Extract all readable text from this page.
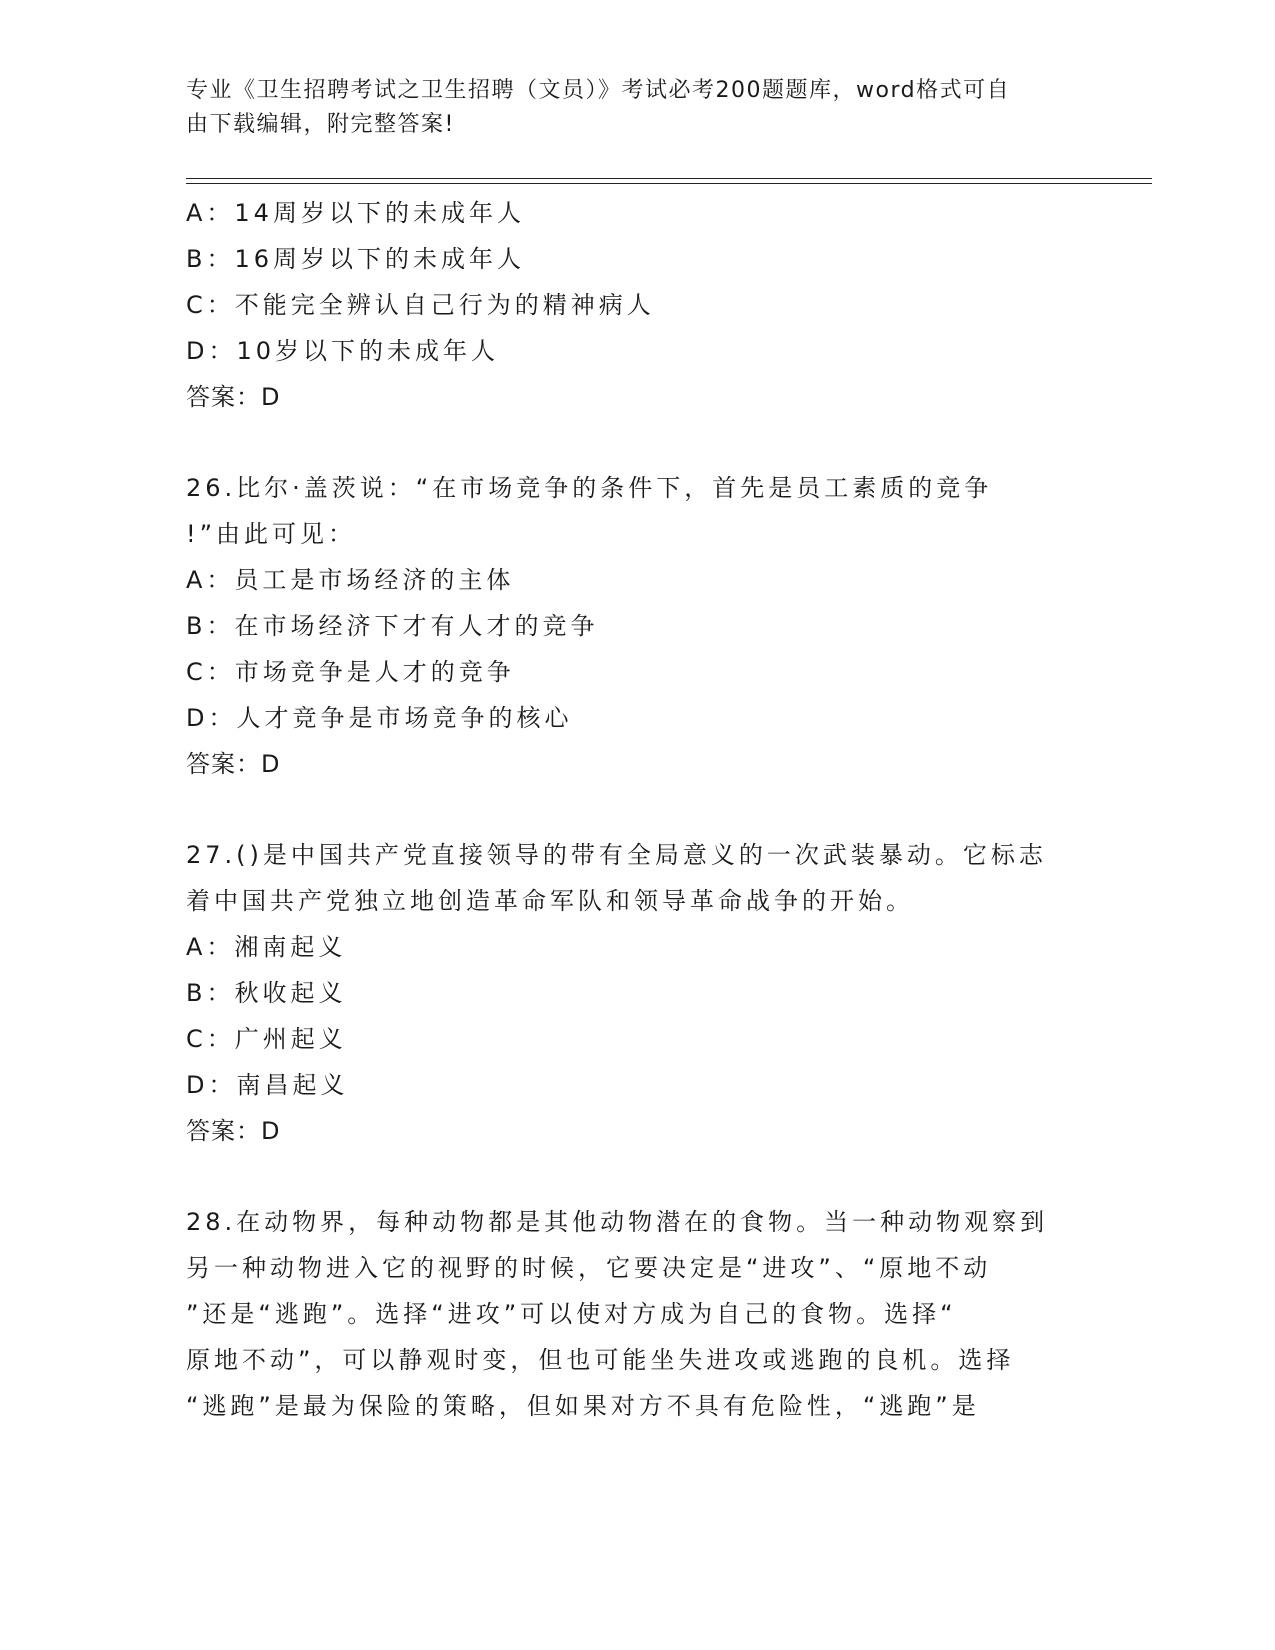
专业《卫生招聘考试之卫生招聘（文员）》考试必考200题题库，word格式可自
由下载编辑，附完整答案!
A：14周岁以下的未成年人
B：16周岁以下的未成年人
C：不能完全辨认自己行为的精神病人
D：10岁以下的未成年人
答案：D
26.比尔·盖茨说：“在市场竞争的条件下，首先是员工素质的竞争
!”由此可见：
A：员工是市场经济的主体
B：在市场经济下才有人才的竞争
C：市场竞争是人才的竞争
D：人才竞争是市场竞争的核心
答案：D
27.()是中国共产党直接领导的带有全局意义的一次武装暴动。它标志
着中国共产党独立地创造革命军队和领导革命战争的开始。
A：湘南起义
B：秋收起义
C：广州起义
D：南昌起义
答案：D
28.在动物界，每种动物都是其他动物潜在的食物。当一种动物观察到
另一种动物进入它的视野的时候，它要决定是“进攻”、“原地不动
”还是“逃跑”。选择“进攻”可以使对方成为自己的食物。选择“
原地不动”，可以静观时变，但也可能坐失进攻或逃跑的良机。选择
“逃跑”是最为保险的策略，但如果对方不具有危险性，“逃跑”是
